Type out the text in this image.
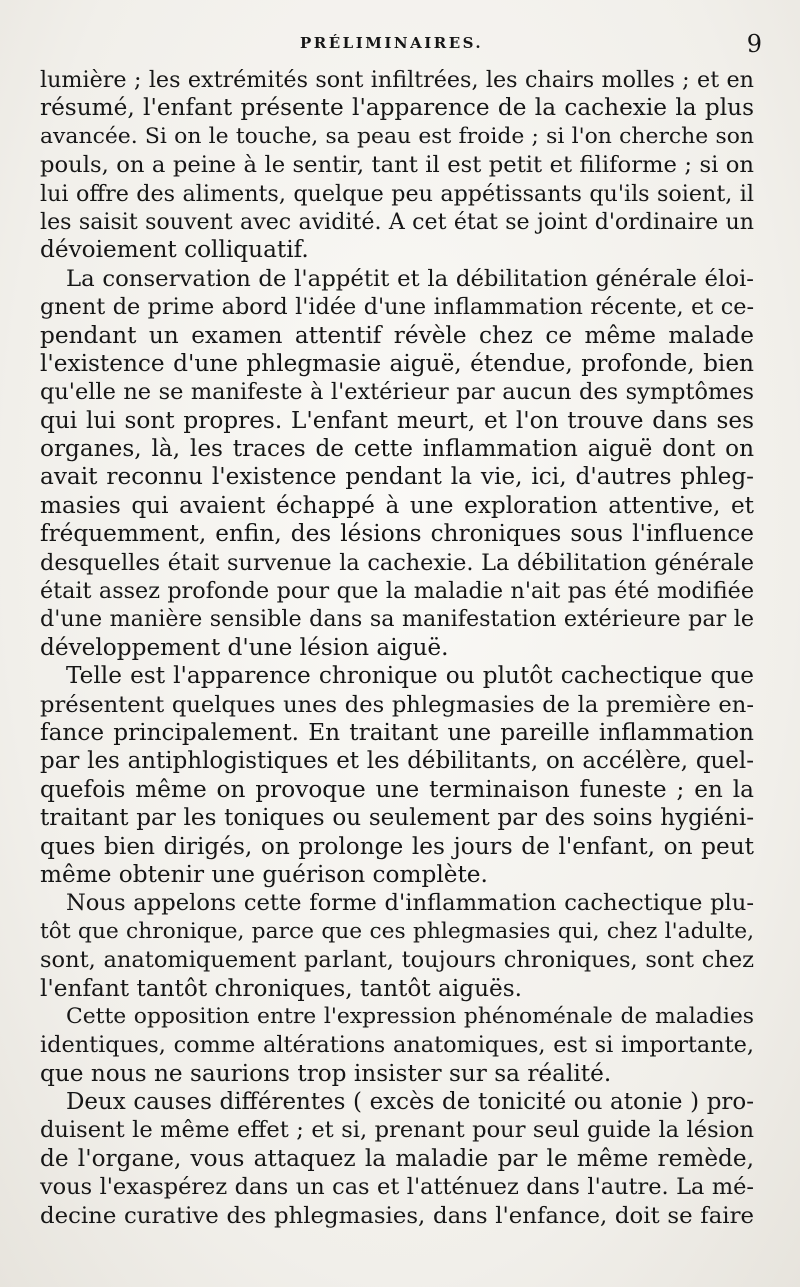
PRÉLIMINAIRES.	9
lumière ; les extrémités sont infiltrées, les chairs molles ; et en
résumé, l'enfant présente l'apparence de la cachexie la plus
avancée. Si on le touche, sa peau est froide ; si l'on cherche son
pouls, on a peine à le sentir, tant il est petit et filiforme ; si on
lui offre des aliments, quelque peu appétissants qu'ils soient, il
les saisit souvent avec avidité. A cet état se joint d'ordinaire un
dévoiement colliquatif.
La conservation de l'appétit et la débilitation générale éloi-
gnent de prime abord l'idée d'une inflammation récente, et ce-
pendant un examen attentif révèle chez ce même malade
l'existence d'une phlegmasie aiguë, étendue, profonde, bien
qu'elle ne se manifeste à l'extérieur par aucun des symptômes
qui lui sont propres. L'enfant meurt, et l'on trouve dans ses
organes, là, les traces de cette inflammation aiguë dont on
avait reconnu l'existence pendant la vie, ici, d'autres phleg-
masies qui avaient échappé à une exploration attentive, et
fréquemment, enfin, des lésions chroniques sous l'influence
desquelles était survenue la cachexie. La débilitation générale
était assez profonde pour que la maladie n'ait pas été modifiée
d'une manière sensible dans sa manifestation extérieure par le
développement d'une lésion aiguë.
Telle est l'apparence chronique ou plutôt cachectique que
présentent quelques unes des phlegmasies de la première en-
fance principalement. En traitant une pareille inflammation
par les antiphlogistiques et les débilitants, on accélère, quel-
quefois même on provoque une terminaison funeste ; en la
traitant par les toniques ou seulement par des soins hygiéni-
ques bien dirigés, on prolonge les jours de l'enfant, on peut
même obtenir une guérison complète.
Nous appelons cette forme d'inflammation cachectique plu-
tôt que chronique, parce que ces phlegmasies qui, chez l'adulte,
sont, anatomiquement parlant, toujours chroniques, sont chez
l'enfant tantôt chroniques, tantôt aiguës.
Cette opposition entre l'expression phénoménale de maladies
identiques, comme altérations anatomiques, est si importante,
que nous ne saurions trop insister sur sa réalité.
Deux causes différentes ( excès de tonicité ou atonie ) pro-
duisent le même effet ; et si, prenant pour seul guide la lésion
de l'organe, vous attaquez la maladie par le même remède,
vous l'exaspérez dans un cas et l'atténuez dans l'autre. La mé-
decine curative des phlegmasies, dans l'enfance, doit se faire
